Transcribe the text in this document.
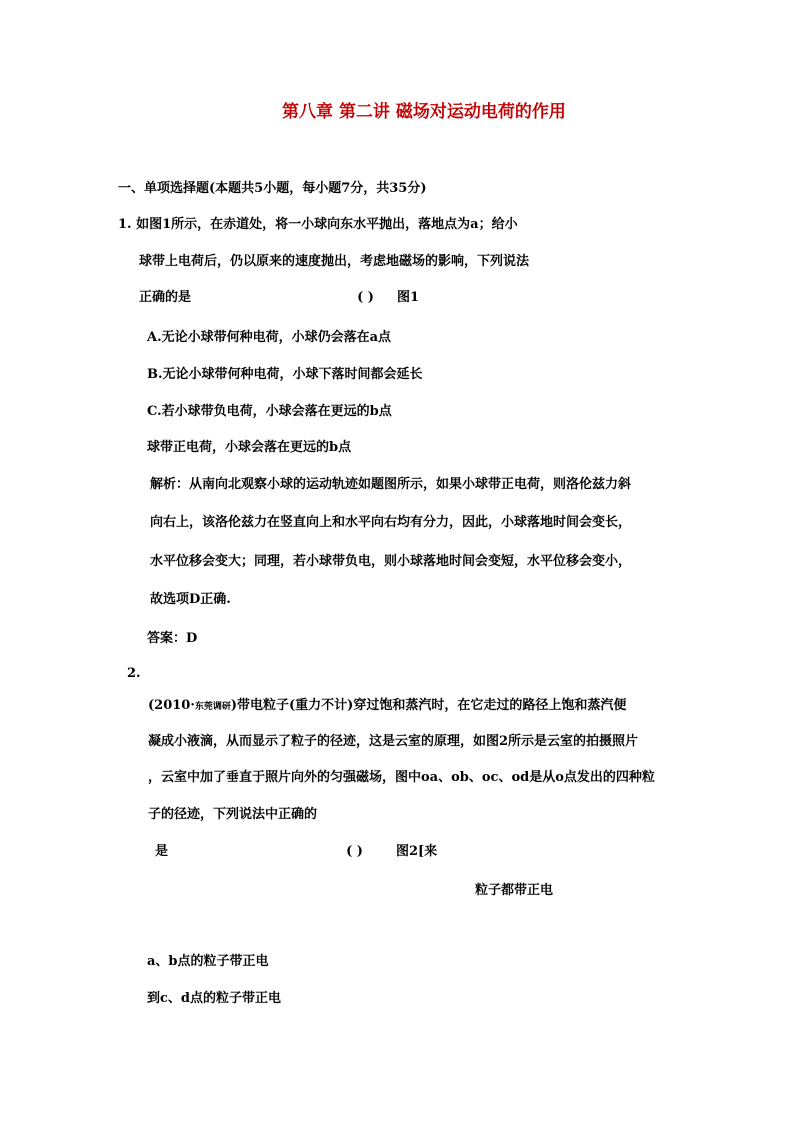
第八章 第二讲 磁场对运动电荷的作用
一、单项选择题(本题共5小题，每小题7分，共35分)
1. 如图1所示，在赤道处，将一小球向东水平抛出，落地点为a；给小
球带上电荷后，仍以原来的速度抛出，考虑地磁场的影响，下列说法
正确的是	( ) 图1
A.无论小球带何种电荷，小球仍会落在a点
B.无论小球带何种电荷，小球下落时间都会延长
C.若小球带负电荷，小球会落在更远的b点
球带正电荷，小球会落在更远的b点
解析：从南向北观察小球的运动轨迹如题图所示，如果小球带正电荷，则洛伦兹力斜
向右上，该洛伦兹力在竖直向上和水平向右均有分力，因此，小球落地时间会变长，
水平位移会变大；同理，若小球带负电，则小球落地时间会变短，水平位移会变小，
故选项D正确.
答案：D
2.
(2010·东莞调研)带电粒子(重力不计)穿过饱和蒸汽时，在它走过的路径上饱和蒸汽便
凝成小液滴，从而显示了粒子的径迹，这是云室的原理，如图2所示是云室的拍摄照片
，云室中加了垂直于照片向外的匀强磁场，图中oa、ob、oc、od是从o点发出的四种粒
子的径迹，下列说法中正确的
是	( )	图2[来
粒子都带正电
a、b点的粒子带正电
到c、d点的粒子带正电
